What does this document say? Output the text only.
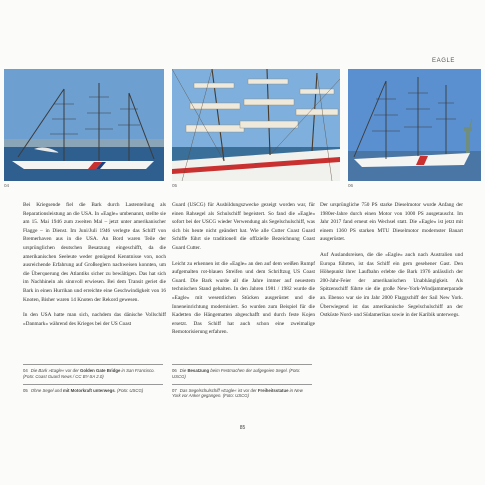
EAGLE
04	05	06

Bei Kriegsende fiel die Bark durch Lastenteilung als Reparationsleistung an die USA. In »Eagle« umbenannt, stellte sie am 15. Mai 1946 zum zweiten Mal – jetzt unter amerikanischer Flagge – in Dienst. Im Juni/Juli 1946 verlegte das Schiff von Bremerhaven aus in die USA. An Bord waren Teile der ursprünglichen deutschen Besatzung eingeschifft, da die amerikanischen Seeleute weder genügend Kenntnisse von, noch ausreichende Erfahrung auf Großseglern nachweisen konnten, um die Überquerung des Atlantiks sicher zu bewältigen. Das hat sich im Nachhinein als sinnvoll erwiesen. Bei dem Transit geriet die Bark in einen Hurrikan und erreichte eine Geschwindigkeit von 16 Knoten, Bisher waren 14 Knoten der Rekord gewesen.

In den USA hatte man sich, nachdem das dänische Vollschiff »Danmark« während des Krieges bei der US Coast

Guard (USCG) für Ausbildungszwecke gezeigt worden war, für einen Rahsegel als Schulschiff begeistert. So fand die »Eagle« sofort bei der USCG wieder Verwendung als Segelschulschiff, was sich bis heute nicht geändert hat. Wie alle Cutter Coast Guard Schiffe führt sie traditionell die offizielle Bezeichnung Coast Guard Cutter.

Leicht zu erkennen ist die »Eagle« an den auf dem weißen Rumpf aufgemalten rot-blauen Streifen und dem Schriftzug US Coast Guard. Die Bark wurde all die Jahre immer auf neuestem technischen Stand gehalten. In den Jahren 1981 / 1982 wurde die »Eagle« mit wesentlichen Stücken ausgerüstet und die Inneneinrichtung modernisiert. So wurden zum Beispiel für die Kadetten die Hängematten abgeschafft und durch feste Kojen ersetzt. Das Schiff hat auch schon eine zweimalige Remotorisierung erfahren.

Der ursprüngliche 750 PS starke Dieselmotor wurde Anfang der 1980er-Jahre durch einen Motor von 1000 PS ausgetauscht. Im Jahr 2017 fand erneut ein Wechsel statt. Die »Eagle« ist jetzt mit einem 1360 PS starken MTU Dieselmotor modernster Bauart ausgerüstet.

Auf Auslandsreisen, die die »Eagle« auch nach Australien und Europa führten, ist das Schiff ein gern gesehener Gast. Den Höhepunkt ihrer Laufbahn erlebte die Bark 1976 anlässlich der 200-Jahr-Feier der amerikanischen Unabhängigkeit. Als Spitzenschiff führte sie die große New-York-Windjammerparade an. Ebenso war sie im Jahr 2000 Flaggschiff der Sail New York. Überwiegend ist das amerikanische Segelschulschiff an der Ostküste Nord- und Südamerikas sowie in der Karibik unterwegs.

04 Die Bark »Eagle« vor der Golden Gate Bridge in San Francisco. (Foto: Coast Guard News / CC BY-SA 2.0)
05 Ohne Segel und mit Motorkraft unterwegs. (Foto: USCG)
06 Die Besatzung beim Festmachen der aufgegeien Segel. (Foto: USCG)
07 Das Segelschulschiff »Eagle« ist vor der Freiheitsstatue in New York vor Anker gegangen. (Foto: USCG)
85
